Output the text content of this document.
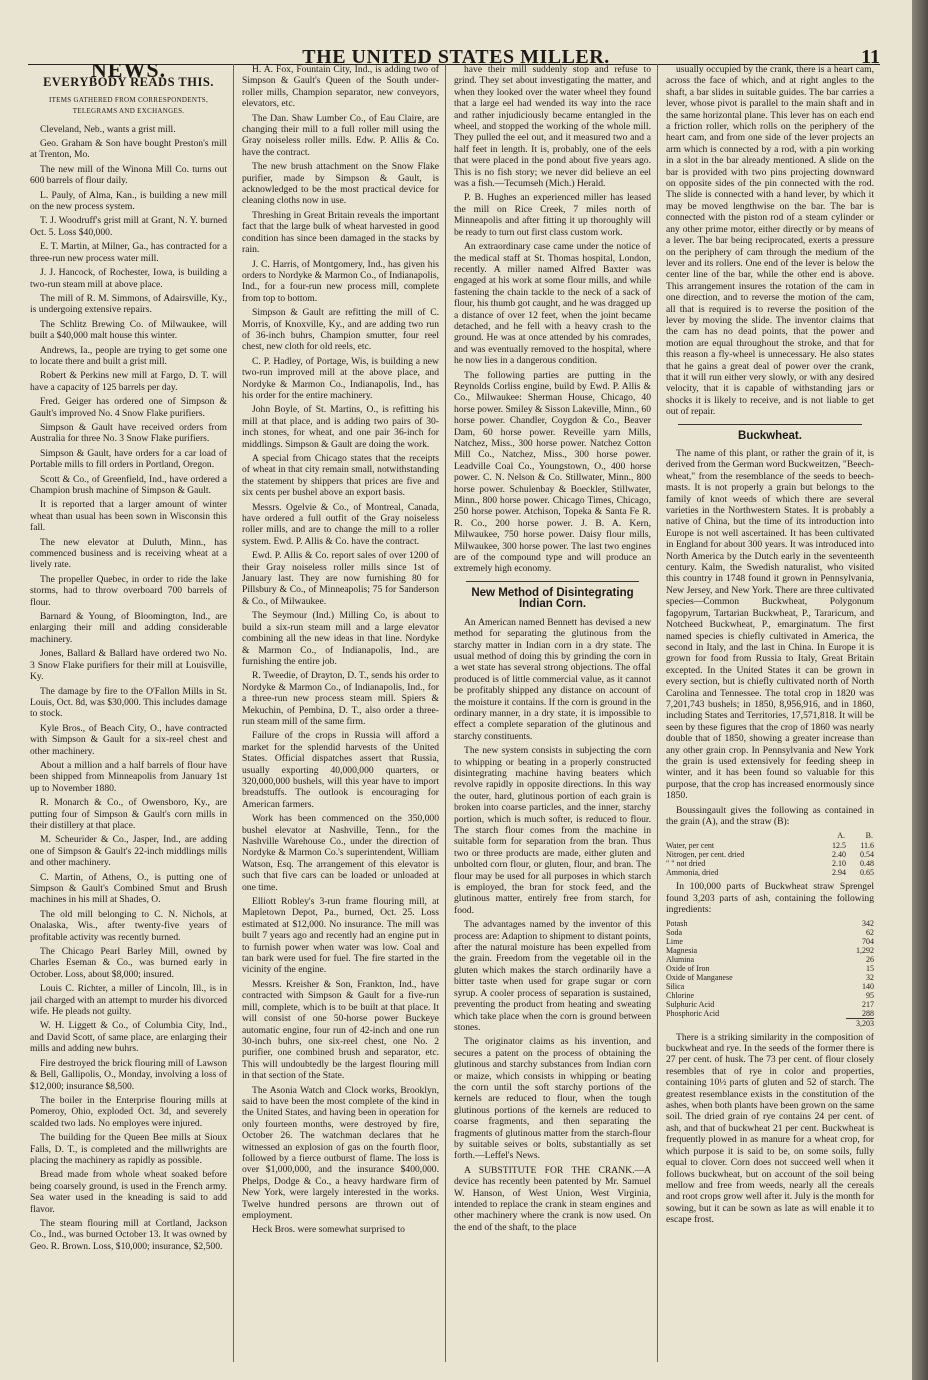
THE UNITED STATES MILLER.	11
NEWS.
EVERYBODY READS THIS.
ITEMS GATHERED FROM CORRESPONDENTS, TELEGRAMS AND EXCHANGES.

Cleveland, Neb., wants a grist mill.

Geo. Graham & Son have bought Preston's mill at Trenton, Mo.

The new mill of the Winona Mill Co. turns out 600 barrels of flour daily.

L. Pauly, of Alma, Kan., is building a new mill on the new process system.

T. J. Woodruff's grist mill at Grant, N. Y. burned Oct. 5. Loss $40,000.

E. T. Martin, at Milner, Ga., has contracted for a three-run new process water mill.

J. J. Hancock, of Rochester, Iowa, is building a two-run steam mill at above place.

The mill of R. M. Simmons, of Adairsville, Ky., is undergoing extensive repairs.

The Schlitz Brewing Co. of Milwaukee, will built a $40,000 malt house this winter.

Andrews, Ia., people are trying to get some one to locate there and built a grist mill.

Robert & Perkins new mill at Fargo, D. T. will have a capacity of 125 barrels per day.

Fred. Geiger has ordered one of Simpson & Gault's improved No. 4 Snow Flake purifiers.

Simpson & Gault have received orders from Australia for three No. 3 Snow Flake purifiers.

Simpson & Gault, have orders for a car load of Portable mills to fill orders in Portland, Oregon.

Scott & Co., of Greenfield, Ind., have ordered a Champion brush machine of Simpson & Gault.

It is reported that a larger amount of winter wheat than usual has been sown in Wisconsin this fall.

The new elevator at Duluth, Minn., has commenced business and is receiving wheat at a lively rate.

The propeller Quebec, in order to ride the lake storms, had to throw overboard 700 barrels of flour.

Barnard & Young, of Bloomington, Ind., are enlarging their mill and adding considerable machinery.

Jones, Ballard & Ballard have ordered two No. 3 Snow Flake purifiers for their mill at Louisville, Ky.

The damage by fire to the O'Fallon Mills in St. Louis, Oct. 8d, was $30,000. This includes damage to stock.

Kyle Bros., of Beach City, O., have contracted with Simpson & Gault for a six-reel chest and other machinery.

About a million and a half barrels of flour have been shipped from Minneapolis from January 1st up to November 1880.

R. Monarch & Co., of Owensboro, Ky., are putting four of Simpson & Gault's corn mills in their distillery at that place.

M. Scheurider & Co., Jasper, Ind., are adding one of Simpson & Gault's 22-inch middlings mills and other machinery.

C. Martin, of Athens, O., is putting one of Simpson & Gault's Combined Smut and Brush machines in his mill at Shades, O.

The old mill belonging to C. N. Nichols, at Onalaska, Wis., after twenty-five years of profitable activity was recently burned.

The Chicago Pearl Barley Mill, owned by Charles Eseman & Co., was burned early in October. Loss, about $8,000; insured.

Louis C. Richter, a miller of Lincoln, Ill., is in jail charged with an attempt to murder his divorced wife. He pleads not guilty.

W. H. Liggett & Co., of Columbia City, Ind., and David Scott, of same place, are enlarging their mills and adding new buhrs.

Fire destroyed the brick flouring mill of Lawson & Bell, Gallipolis, O., Monday, involving a loss of $12,000; insurance $8,500.

The boiler in the Enterprise flouring mills at Pomeroy, Ohio, exploded Oct. 3d, and severely scalded two lads. No employes were injured.

The building for the Queen Bee mills at Sioux Falls, D. T., is completed and the millwrights are placing the machinery as rapidly as possible.

Bread made from whole wheat soaked before being coarsely ground, is used in the French army. Sea water used in the kneading is said to add flavor.

The steam flouring mill at Cortland, Jackson Co., Ind., was burned October 13. It was owned by Geo. R. Brown. Loss, $10,000; insurance, $2,500.

H. A. Fox, Fountain City, Ind., is adding two of Simpson & Gault's Queen of the South under-roller mills, Champion separator, new conveyors, elevators, etc.

The Dan. Shaw Lumber Co., of Eau Claire, are changing their mill to a full roller mill using the Gray noiseless roller mills. Edw. P. Allis & Co. have the contract.

The new brush attachment on the Snow Flake purifier, made by Simpson & Gault, is acknowledged to be the most practical device for cleaning cloths now in use.

Threshing in Great Britain reveals the important fact that the large bulk of wheat harvested in good condition has since been damaged in the stacks by rain.

J. C. Harris, of Montgomery, Ind., has given his orders to Nordyke & Marmon Co., of Indianapolis, Ind., for a four-run new process mill, complete from top to bottom.

Simpson & Gault are refitting the mill of C. Morris, of Knoxville, Ky., and are adding two run of 36-inch buhrs, Champion smutter, four reel chest, new cloth for old reels, etc.

C. P. Hadley, of Portage, Wis, is building a new two-run improved mill at the above place, and Nordyke & Marmon Co., Indianapolis, Ind., has his order for the entire machinery.

John Boyle, of St. Martins, O., is refitting his mill at that place, and is adding two pairs of 30-inch stones, for wheat, and one pair 36-inch for middlings. Simpson & Gault are doing the work.

A special from Chicago states that the receipts of wheat in that city remain small, notwithstanding the statement by shippers that prices are five and six cents per bushel above an export basis.

Messrs. Ogelvie & Co., of Montreal, Canada, have ordered a full outfit of the Gray noiseless roller mills, and are to change the mill to a roller system. Ewd. P. Allis & Co. have the contract.

Ewd. P. Allis & Co. report sales of over 1200 of their Gray noiseless roller mills since 1st of January last. They are now furnishing 80 for Pillsbury & Co., of Minneapolis; 75 for Sanderson & Co., of Milwaukee.

The Seymour (Ind.) Milling Co, is about to build a six-run steam mill and a large elevator combining all the new ideas in that line. Nordyke & Marmon Co., of Indianapolis, Ind., are furnishing the entire job.

R. Tweedie, of Drayton, D. T., sends his order to Nordyke & Marmon Co., of Indianapolis, Ind., for a three-run new process steam mill. Spiers & Mekuchin, of Pembina, D. T., also order a three-run steam mill of the same firm.

Failure of the crops in Russia will afford a market for the splendid harvests of the United States. Official dispatches assert that Russia, usually exporting 40,000,000 quarters, or 320,000,000 bushels, will this year have to import breadstuffs. The outlook is encouraging for American farmers.

Work has been commenced on the 350,000 bushel elevator at Nashville, Tenn., for the Nashville Warehouse Co., under the direction of Nordyke & Marmon Co.'s superintendent, William Watson, Esq. The arrangement of this elevator is such that five cars can be loaded or unloaded at one time.

Elliott Robley's 3-run frame flouring mill, at Mapletown Depot, Pa., burned, Oct. 25. Loss estimated at $12,000. No insurance. The mill was built 7 years ago and recently had an engine put in to furnish power when water was low. Coal and tan bark were used for fuel. The fire started in the vicinity of the engine.

Messrs. Kreisher & Son, Frankton, Ind., have contracted with Simpson & Gault for a five-run mill, complete, which is to be built at that place. It will consist of one 50-horse power Buckeye automatic engine, four run of 42-inch and one run 30-inch buhrs, one six-reel chest, one No. 2 purifier, one combined brush and separator, etc. This will undoubtedly be the largest flouring mill in that section of the State.

The Asonia Watch and Clock works, Brooklyn, said to have been the most complete of the kind in the United States, and having been in operation for only fourteen months, were destroyed by fire, October 26. The watchman declares that he witnessed an explosion of gas on the fourth floor, followed by a fierce outburst of flame. The loss is over $1,000,000, and the insurance $400,000. Phelps, Dodge & Co., a heavy hardware firm of New York, were largely interested in the works. Twelve hundred persons are thrown out of employment.

Heck Bros. were somewhat surprised to

have their mill suddenly stop and refuse to grind. They set about investigating the matter, and when they looked over the water wheel they found that a large eel had wended its way into the race and rather injudiciously became entangled in the wheel, and stopped the working of the whole mill. They pulled the eel out, and it measured two and a half feet in length. It is, probably, one of the eels that were placed in the pond about five years ago. This is no fish story; we never did believe an eel was a fish.—Tecumseh (Mich.) Herald.

P. B. Hughes an experienced miller has leased the mill on Rice Creek, 7 miles north of Minneapolis and after fitting it up thoroughly will be ready to turn out first class custom work.

An extraordinary case came under the notice of the medical staff at St. Thomas hospital, London, recently. A miller named Alfred Baxter was engaged at his work at some flour mills, and while fastening the chain tackle to the neck of a sack of flour, his thumb got caught, and he was dragged up a distance of over 12 feet, when the joint became detached, and he fell with a heavy crash to the ground. He was at once attended by his comrades, and was eventually removed to the hospital, where he now lies in a dangerous condition.

The following parties are putting in the Reynolds Corliss engine, build by Ewd. P. Allis & Co., Milwaukee: Sherman House, Chicago, 40 horse power. Smiley & Sisson Lakeville, Minn., 60 horse power. Chandler, Coygdon & Co., Beaver Dam, 60 horse power. Reveille yarn Mills, Natchez, Miss., 300 horse power. Natchez Cotton Mill Co., Natchez, Miss., 300 horse power. Leadville Coal Co., Youngstown, O., 400 horse power. C. N. Nelson & Co. Stillwater, Minn., 800 horse power. Schulenbay & Boeckler, Stillwater, Minn., 800 horse power. Chicago Times, Chicago, 250 horse power. Atchison, Topeka & Santa Fe R. R. Co., 200 horse power. J. B. A. Kern, Milwaukee, 750 horse power. Daisy flour mills, Milwaukee, 300 horse power. The last two engines are of the compound type and will produce an extremely high economy.

New Method of Disintegrating Indian Corn.

An American named Bennett has devised a new method for separating the glutinous from the starchy matter in Indian corn in a dry state. The usual method of doing this by grinding the corn in a wet state has several strong objections. The offal produced is of little commercial value, as it cannot be profitably shipped any distance on account of the moisture it contains. If the corn is ground in the ordinary manner, in a dry state, it is impossible to effect a complete separation of the glutinous and starchy constituents.

The new system consists in subjecting the corn to whipping or beating in a properly constructed disintegrating machine having beaters which revolve rapidly in opposite directions. In this way the outer, hard, glutinous portion of each grain is broken into coarse particles, and the inner, starchy portion, which is much softer, is reduced to flour. The starch flour comes from the machine in suitable form for separation from the bran. Thus two or three products are made, either gluten and unbolted corn flour, or gluten, flour, and bran. The flour may be used for all purposes in which starch is employed, the bran for stock feed, and the glutinous matter, entirely free from starch, for food.

The advantages named by the inventor of this process are: Adaption to shipment to distant points, after the natural moisture has been expelled from the grain. Freedom from the vegetable oil in the gluten which makes the starch ordinarily have a bitter taste when used for grape sugar or corn syrup. A cooler process of separation is sustained, preventing the product from heating and sweating which take place when the corn is ground between stones.

The originator claims as his invention, and secures a patent on the process of obtaining the glutinous and starchy substances from Indian corn or maize, which consists in whipping or beating the corn until the soft starchy portions of the kernels are reduced to flour, when the tough glutinous portions of the kernels are reduced to coarse fragments, and then separating the fragments of glutinous matter from the starch-flour by suitable seives or bolts, substantially as set forth.—Leffel's News.

A SUBSTITUTE FOR THE CRANK.—A device has recently been patented by Mr. Samuel W. Hanson, of West Union, West Virginia, intended to replace the crank in steam engines and other machinery where the crank is now used. On the end of the shaft, to the place

usually occupied by the crank, there is a heart cam, across the face of which, and at right angles to the shaft, a bar slides in suitable guides. The bar carries a lever, whose pivot is parallel to the main shaft and in the same horizontal plane. This lever has on each end a friction roller, which rolls on the periphery of the heart cam, and from one side of the lever projects an arm which is connected by a rod, with a pin working in a slot in the bar already mentioned. A slide on the bar is provided with two pins projecting downward on opposite sides of the pin connected with the rod. The slide is connected with a hand lever, by which it may be moved lengthwise on the bar. The bar is connected with the piston rod of a steam cylinder or any other prime motor, either directly or by means of a lever. The bar being reciprocated, exerts a pressure on the periphery of cam through the medium of the lever and its rollers. One end of the lever is below the center line of the bar, while the other end is above. This arrangement insures the rotation of the cam in one direction, and to reverse the motion of the cam, all that is required is to reverse the position of the lever by moving the slide. The inventor claims that the cam has no dead points, that the power and motion are equal throughout the stroke, and that for this reason a fly-wheel is unnecessary. He also states that he gains a great deal of power over the crank, that it will run either very slowly, or with any desired velocity, that it is capable of withstanding jars or shocks it is likely to receive, and is not liable to get out of repair.

Buckwheat.

The name of this plant, or rather the grain of it, is derived from the German word Buckweitzen, "Beech-wheat," from the resemblance of the seeds to beech-masts. It is not properly a grain but belongs to the family of knot weeds of which there are several varieties in the Northwestern States. It is probably a native of China, but the time of its introduction into Europe is not well ascertained. It has been cultivated in England for about 300 years. It was introduced into North America by the Dutch early in the seventeenth century. Kalm, the Swedish naturalist, who visited this country in 1748 found it grown in Pennsylvania, New Jersey, and New York. There are three cultivated species—Common Buckwheat, Polygonum fagopyrum, Tartarian Buckwheat, P., Tararicum, and Notcheed Buckwheat, P., emarginatum. The first named species is chiefly cultivated in America, the second in Italy, and the last in China. In Europe it is grown for food from Russia to Italy, Great Britain excepted. In the United States it can be grown in every section, but is chiefly cultivated north of North Carolina and Tennessee. The total crop in 1820 was 7,201,743 bushels; in 1850, 8,956,916, and in 1860, including States and Territories, 17,571,818. It will be seen by these figures that the crop of 1860 was nearly double that of 1850, showing a greater increase than any other grain crop. In Pennsylvania and New York the grain is used extensively for feeding sheep in winter, and it has been found so valuable for this purpose, that the crop has increased enormously since 1850.

Boussingault gives the following as contained in the grain (A), and the straw (B):

	A.	B.
Water, per cent	12.5	11.6
Nitrogen, per cent. dried	2.40	0.54
" " not dried	2.10	0.48
Ammonia, dried	2.94	0.65

In 100,000 parts of Buckwheat straw Sprengel found 3,203 parts of ash, containing the following ingredients:

Potash	342
Soda	62
Lime	704
Magnesia	1,292
Alumina	26
Oxide of Iron	15
Oxide of Manganese	32
Silica	140
Chlorine	95
Sulphuric Acid	217
Phosphoric Acid	288
	3,203

There is a striking similarity in the composition of buckwheat and rye. In the seeds of the former there is 27 per cent. of husk. The 73 per cent. of flour closely resembles that of rye in color and properties, containing 10½ parts of gluten and 52 of starch. The greatest resemblance exists in the constitution of the ashes, when both plants have been grown on the same soil. The dried grain of rye contains 24 per cent. of ash, and that of buckwheat 21 per cent. Buckwheat is frequently plowed in as manure for a wheat crop, for which purpose it is said to be, on some soils, fully equal to clover. Corn does not succeed well when it follows buckwheat, but on account of the soil being mellow and free from weeds, nearly all the cereals and root crops grow well after it. July is the month for sowing, but it can be sown as late as will enable it to escape frost.
